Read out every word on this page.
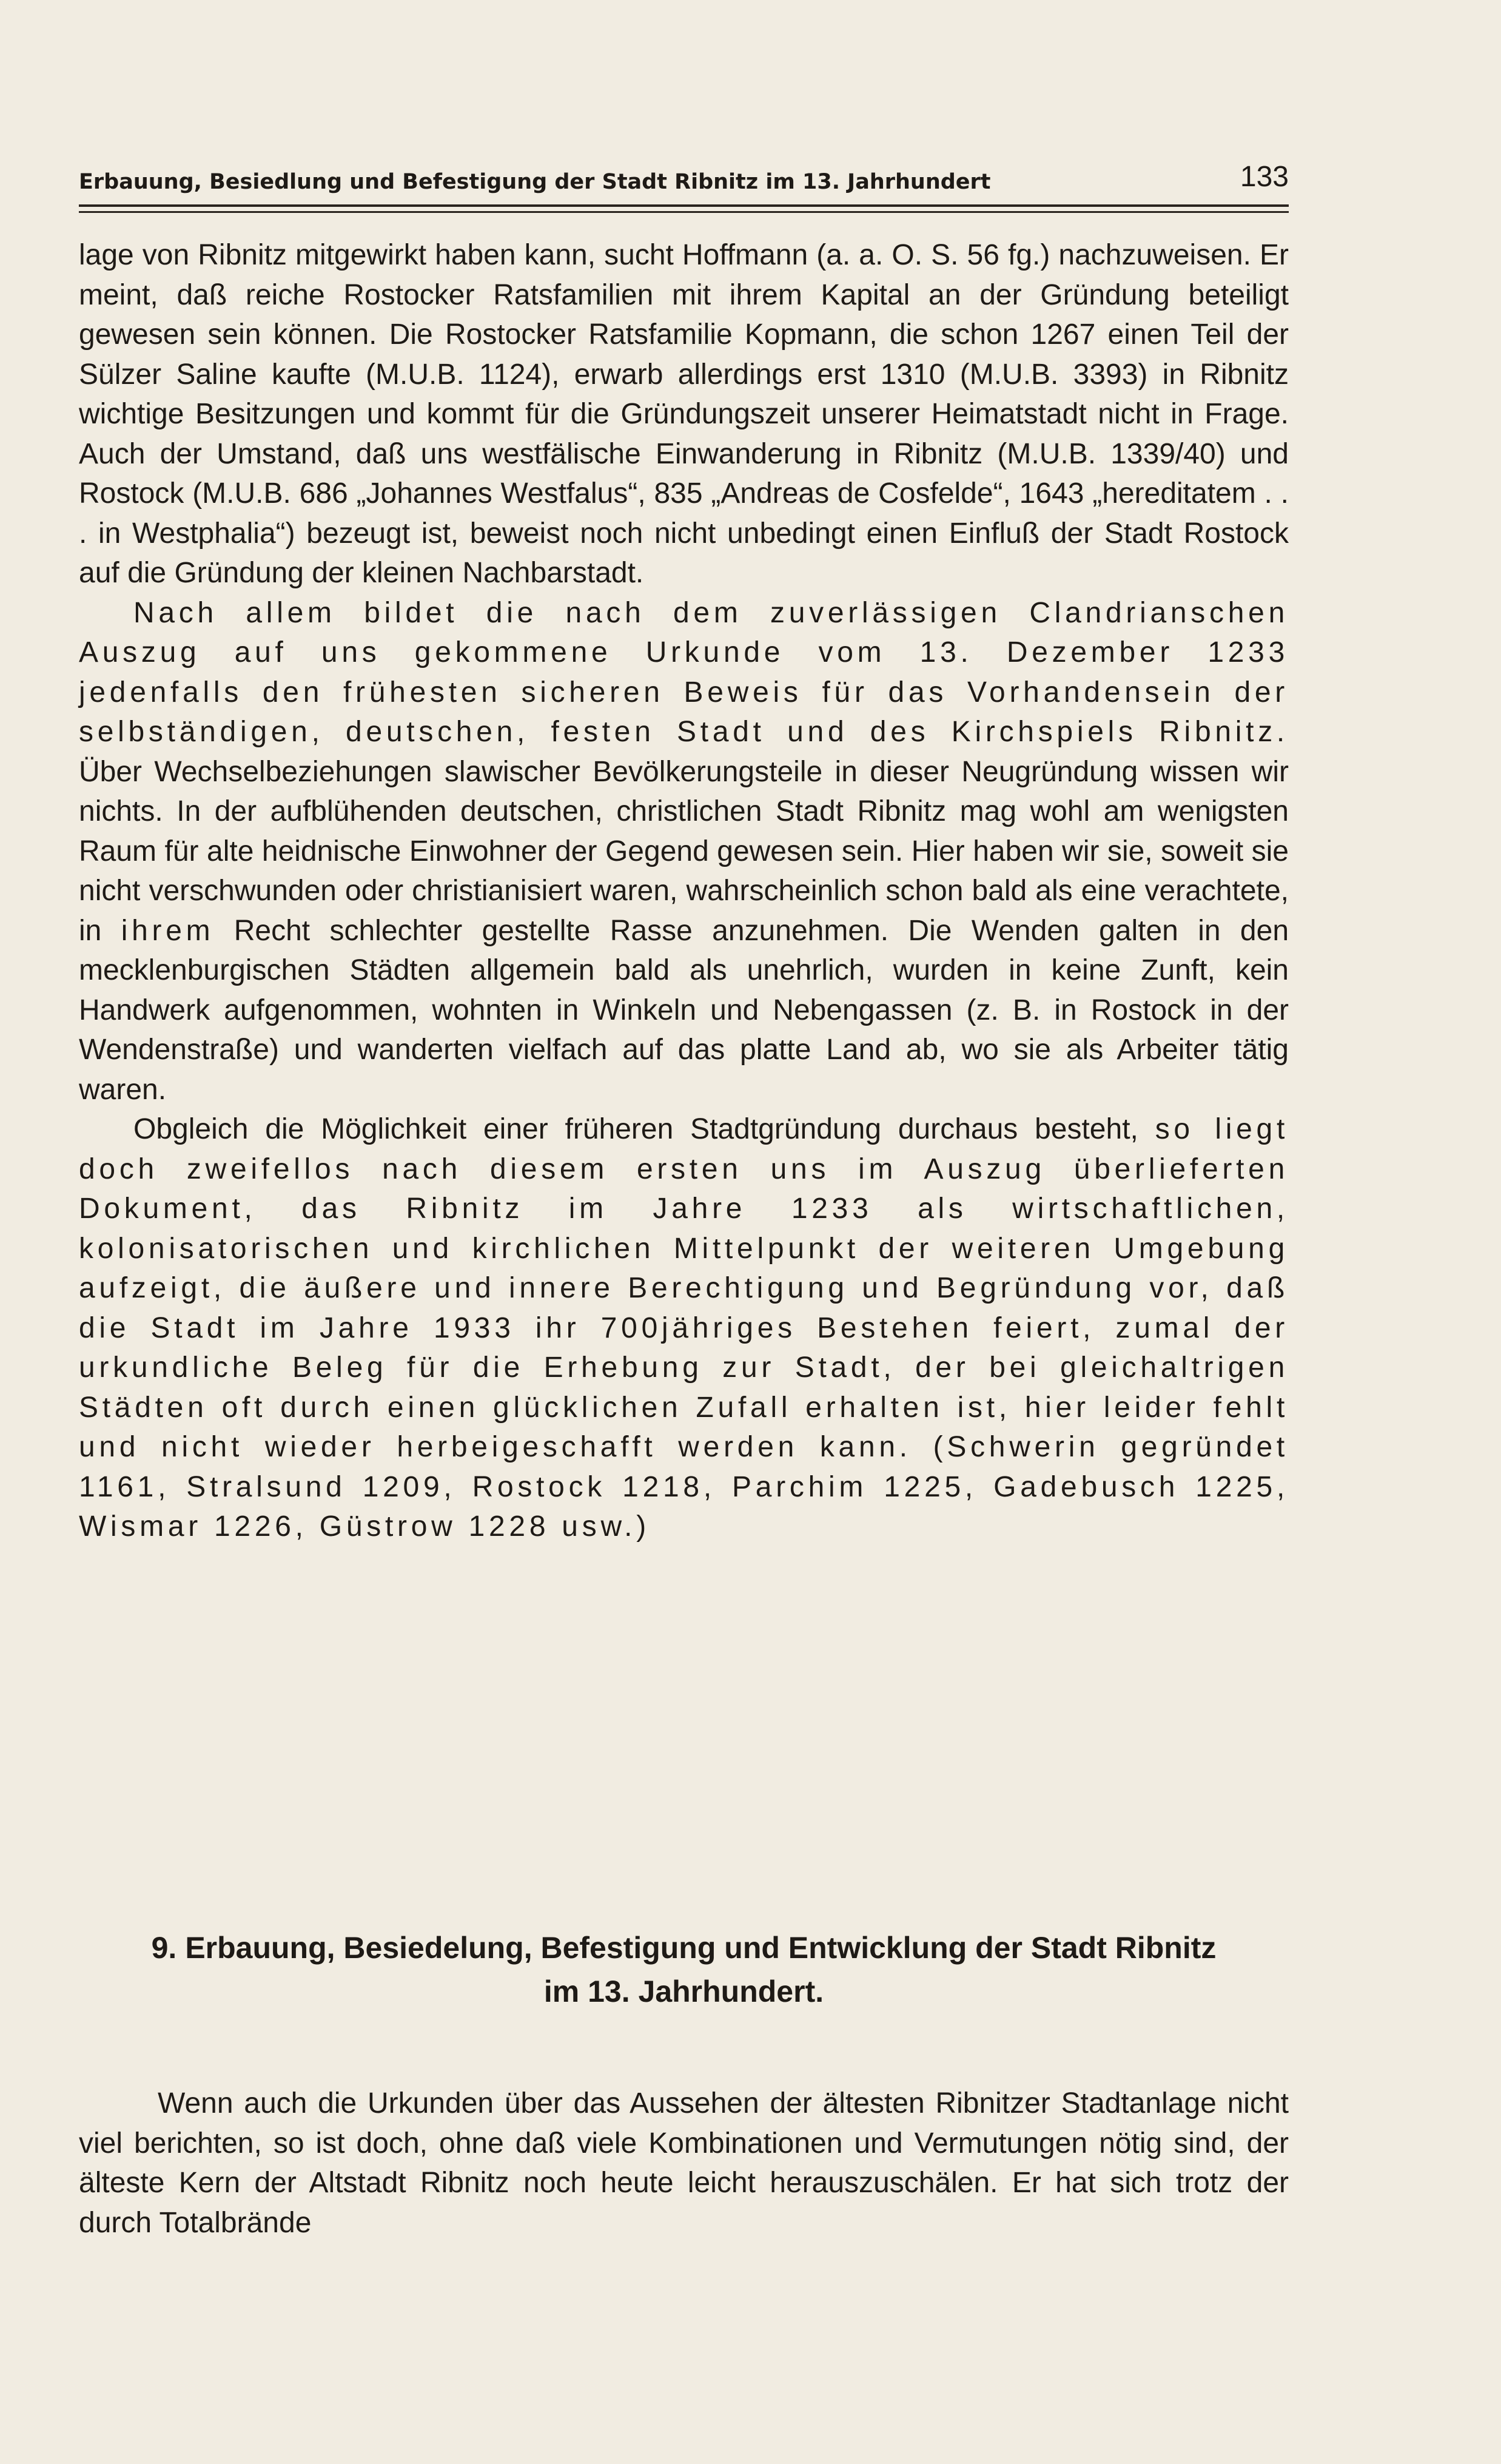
Erbauung, Besiedlung und Befestigung der Stadt Ribnitz im 13. Jahrhundert	133

lage von Ribnitz mitgewirkt haben kann, sucht Hoffmann (a. a. O. S. 56 fg.) nachzuweisen. Er meint, daß reiche Rostocker Ratsfamilien mit ihrem Kapital an der Gründung beteiligt gewesen sein können. Die Rostocker Ratsfamilie Kopmann, die schon 1267 einen Teil der Sülzer Saline kaufte (M.U.B. 1124), erwarb allerdings erst 1310 (M.U.B. 3393) in Ribnitz wichtige Besitzungen und kommt für die Gründungszeit unserer Heimatstadt nicht in Frage. Auch der Umstand, daß uns westfälische Einwanderung in Ribnitz (M.U.B. 1339/40) und Rostock (M.U.B. 686 „Johannes Westfalus“, 835 „Andreas de Cosfelde“, 1643 „hereditatem . . . in Westphalia“) bezeugt ist, beweist noch nicht unbedingt einen Einfluß der Stadt Rostock auf die Gründung der kleinen Nachbarstadt.

Nach allem bildet die nach dem zuverlässigen Clandrianschen Auszug auf uns gekommene Urkunde vom 13. Dezember 1233 jedenfalls den frühesten sicheren Beweis für das Vorhandensein der selbständigen, deutschen, festen Stadt und des Kirchspiels Ribnitz. Über Wechselbeziehungen slawischer Bevölkerungsteile in dieser Neugründung wissen wir nichts. In der aufblühenden deutschen, christlichen Stadt Ribnitz mag wohl am wenigsten Raum für alte heidnische Einwohner der Gegend gewesen sein. Hier haben wir sie, soweit sie nicht verschwunden oder christianisiert waren, wahrscheinlich schon bald als eine verachtete, in ihrem Recht schlechter gestellte Rasse anzunehmen. Die Wenden galten in den mecklenburgischen Städten allgemein bald als unehrlich, wurden in keine Zunft, kein Handwerk aufgenommen, wohnten in Winkeln und Nebengassen (z. B. in Rostock in der Wendenstraße) und wanderten vielfach auf das platte Land ab, wo sie als Arbeiter tätig waren.

Obgleich die Möglichkeit einer früheren Stadtgründung durchaus besteht, so liegt doch zweifellos nach diesem ersten uns im Auszug überlieferten Dokument, das Ribnitz im Jahre 1233 als wirtschaftlichen, kolonisatorischen und kirchlichen Mittelpunkt der weiteren Umgebung aufzeigt, die äußere und innere Berechtigung und Begründung vor, daß die Stadt im Jahre 1933 ihr 700jähriges Bestehen feiert, zumal der urkundliche Beleg für die Erhebung zur Stadt, der bei gleichaltrigen Städten oft durch einen glücklichen Zufall erhalten ist, hier leider fehlt und nicht wieder herbeigeschafft werden kann. (Schwerin gegründet 1161, Stralsund 1209, Rostock 1218, Parchim 1225, Gadebusch 1225, Wismar 1226, Güstrow 1228 usw.)

9. Erbauung, Besiedelung, Befestigung und Entwicklung der Stadt Ribnitz
im 13. Jahrhundert.

Wenn auch die Urkunden über das Aussehen der ältesten Ribnitzer Stadtanlage nicht viel berichten, so ist doch, ohne daß viele Kombinationen und Vermutungen nötig sind, der älteste Kern der Altstadt Ribnitz noch heute leicht herauszuschälen. Er hat sich trotz der durch Totalbrände
